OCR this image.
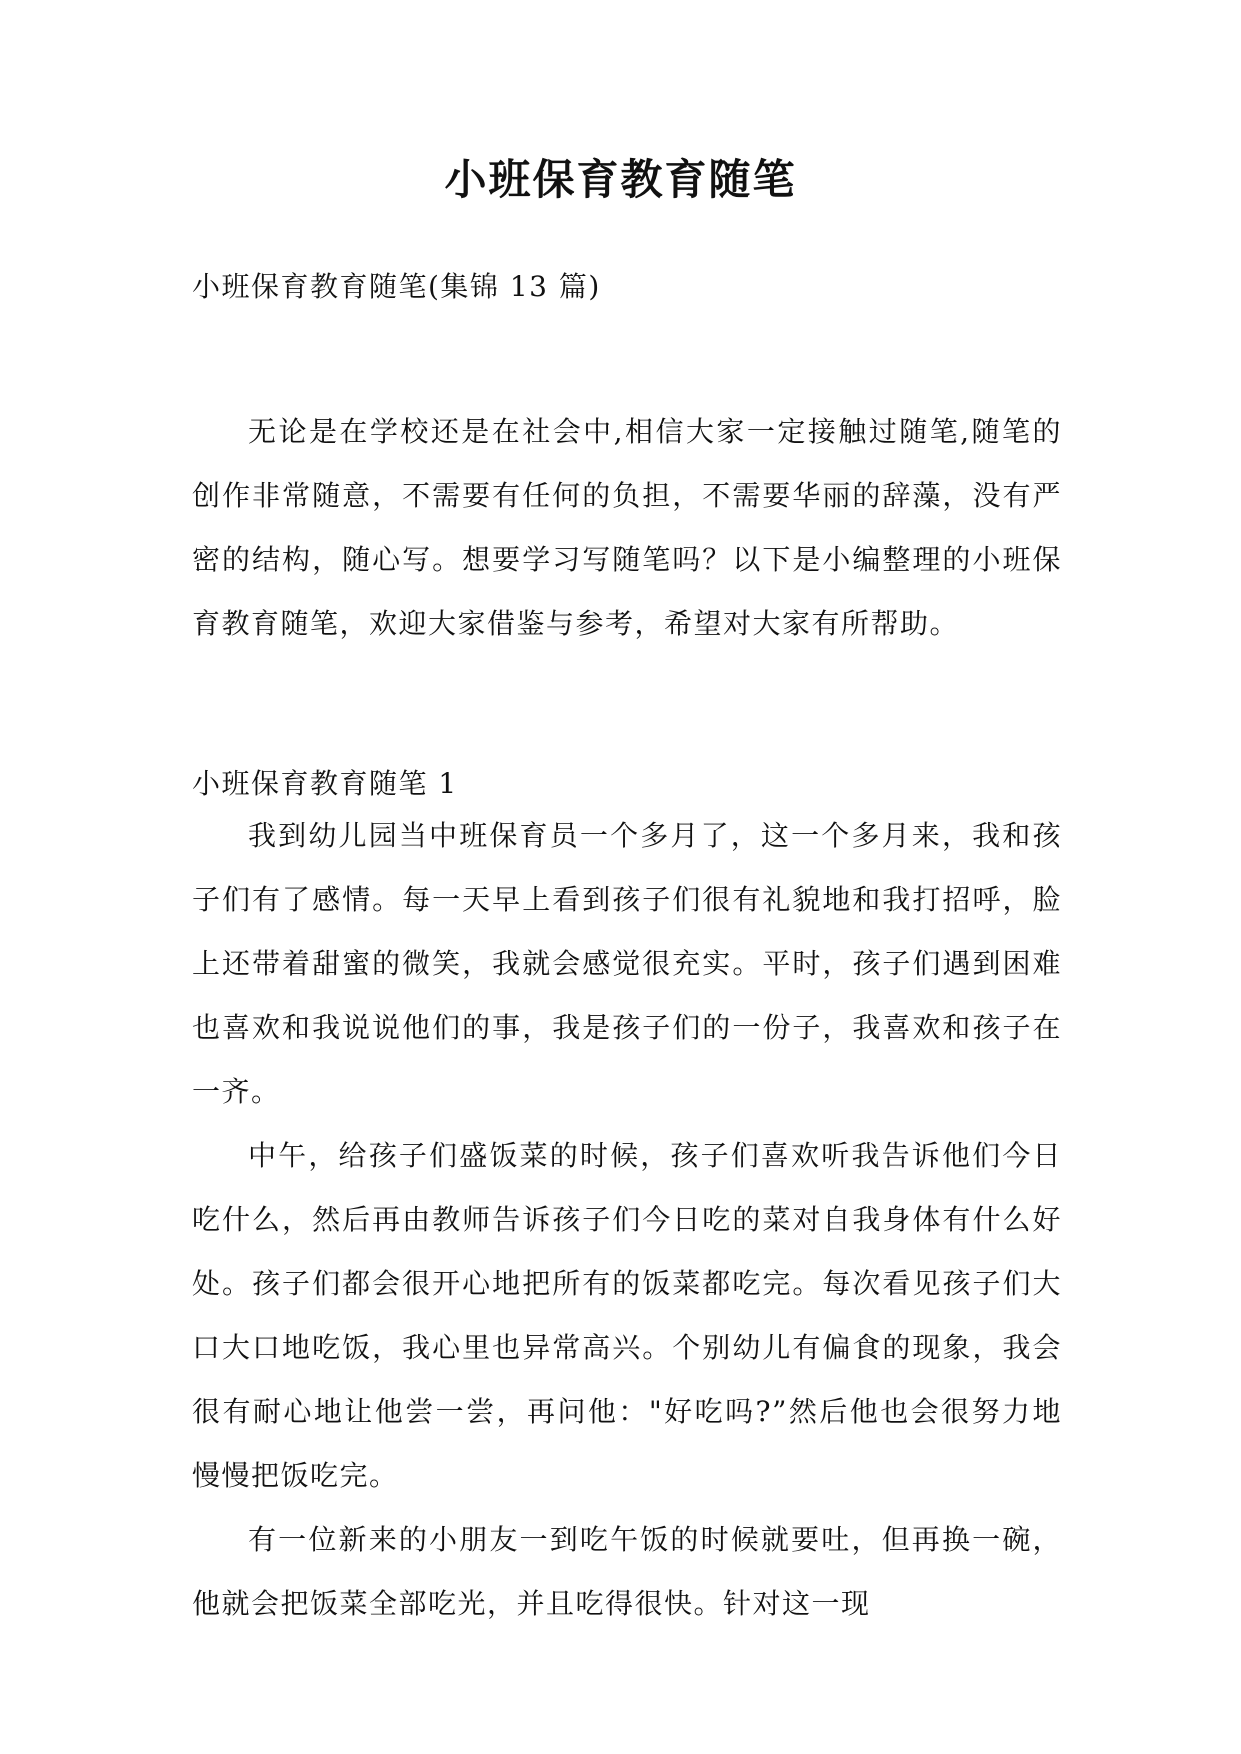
小班保育教育随笔

小班保育教育随笔(集锦 13 篇)

无论是在学校还是在社会中,相信大家一定接触过随笔,随笔的创作非常随意，不需要有任何的负担，不需要华丽的辞藻，没有严密的结构，随心写。想要学习写随笔吗？以下是小编整理的小班保育教育随笔，欢迎大家借鉴与参考，希望对大家有所帮助。

小班保育教育随笔 1

我到幼儿园当中班保育员一个多月了，这一个多月来，我和孩子们有了感情。每一天早上看到孩子们很有礼貌地和我打招呼，脸上还带着甜蜜的微笑，我就会感觉很充实。平时，孩子们遇到困难也喜欢和我说说他们的事，我是孩子们的一份子，我喜欢和孩子在一齐。

中午，给孩子们盛饭菜的时候，孩子们喜欢听我告诉他们今日吃什么，然后再由教师告诉孩子们今日吃的菜对自我身体有什么好处。孩子们都会很开心地把所有的饭菜都吃完。每次看见孩子们大口大口地吃饭，我心里也异常高兴。个别幼儿有偏食的现象，我会很有耐心地让他尝一尝，再问他："好吃吗?”然后他也会很努力地慢慢把饭吃完。

有一位新来的小朋友一到吃午饭的时候就要吐，但再换一碗，他就会把饭菜全部吃光，并且吃得很快。针对这一现
